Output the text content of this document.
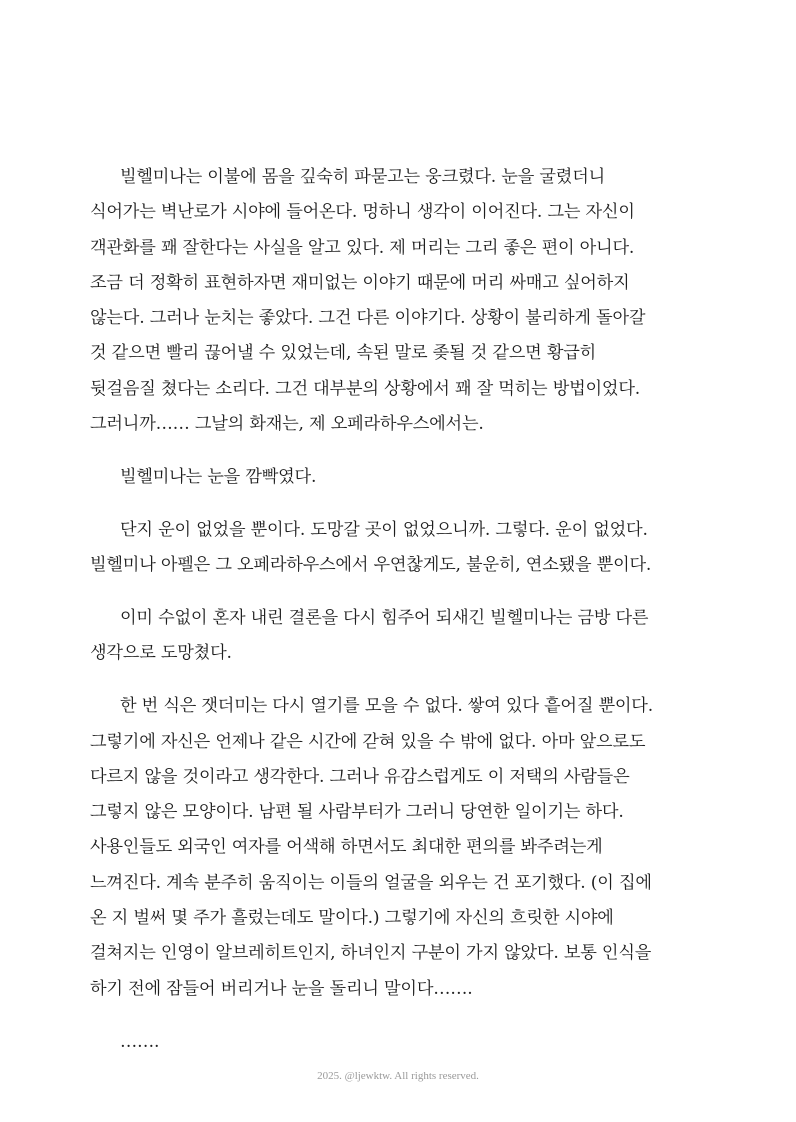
빌헬미나는 이불에 몸을 깊숙히 파묻고는 웅크렸다. 눈을 굴렸더니
식어가는 벽난로가 시야에 들어온다. 멍하니 생각이 이어진다. 그는 자신이
객관화를 꽤 잘한다는 사실을 알고 있다. 제 머리는 그리 좋은 편이 아니다.
조금 더 정확히 표현하자면 재미없는 이야기 때문에 머리 싸매고 싶어하지
않는다. 그러나 눈치는 좋았다. 그건 다른 이야기다. 상황이 불리하게 돌아갈
것 같으면 빨리 끊어낼 수 있었는데, 속된 말로 좆될 것 같으면 황급히
뒷걸음질 쳤다는 소리다. 그건 대부분의 상황에서 꽤 잘 먹히는 방법이었다.
그러니까…… 그날의 화재는, 제 오페라하우스에서는.

빌헬미나는 눈을 깜빡였다.

단지 운이 없었을 뿐이다. 도망갈 곳이 없었으니까. 그렇다. 운이 없었다.
빌헬미나 아펠은 그 오페라하우스에서 우연찮게도, 불운히, 연소됐을 뿐이다.

이미 수없이 혼자 내린 결론을 다시 힘주어 되새긴 빌헬미나는 금방 다른
생각으로 도망쳤다.

한 번 식은 잿더미는 다시 열기를 모을 수 없다. 쌓여 있다 흩어질 뿐이다.
그렇기에 자신은 언제나 같은 시간에 갇혀 있을 수 밖에 없다. 아마 앞으로도
다르지 않을 것이라고 생각한다. 그러나 유감스럽게도 이 저택의 사람들은
그렇지 않은 모양이다. 남편 될 사람부터가 그러니 당연한 일이기는 하다.
사용인들도 외국인 여자를 어색해 하면서도 최대한 편의를 봐주려는게
느껴진다. 계속 분주히 움직이는 이들의 얼굴을 외우는 건 포기했다. (이 집에
온 지 벌써 몇 주가 흘렀는데도 말이다.) 그렇기에 자신의 흐릿한 시야에
걸쳐지는 인영이 알브레히트인지, 하녀인지 구분이 가지 않았다. 보통 인식을
하기 전에 잠들어 버리거나 눈을 돌리니 말이다…….

…….

2025. @ljewktw. All rights reserved.
